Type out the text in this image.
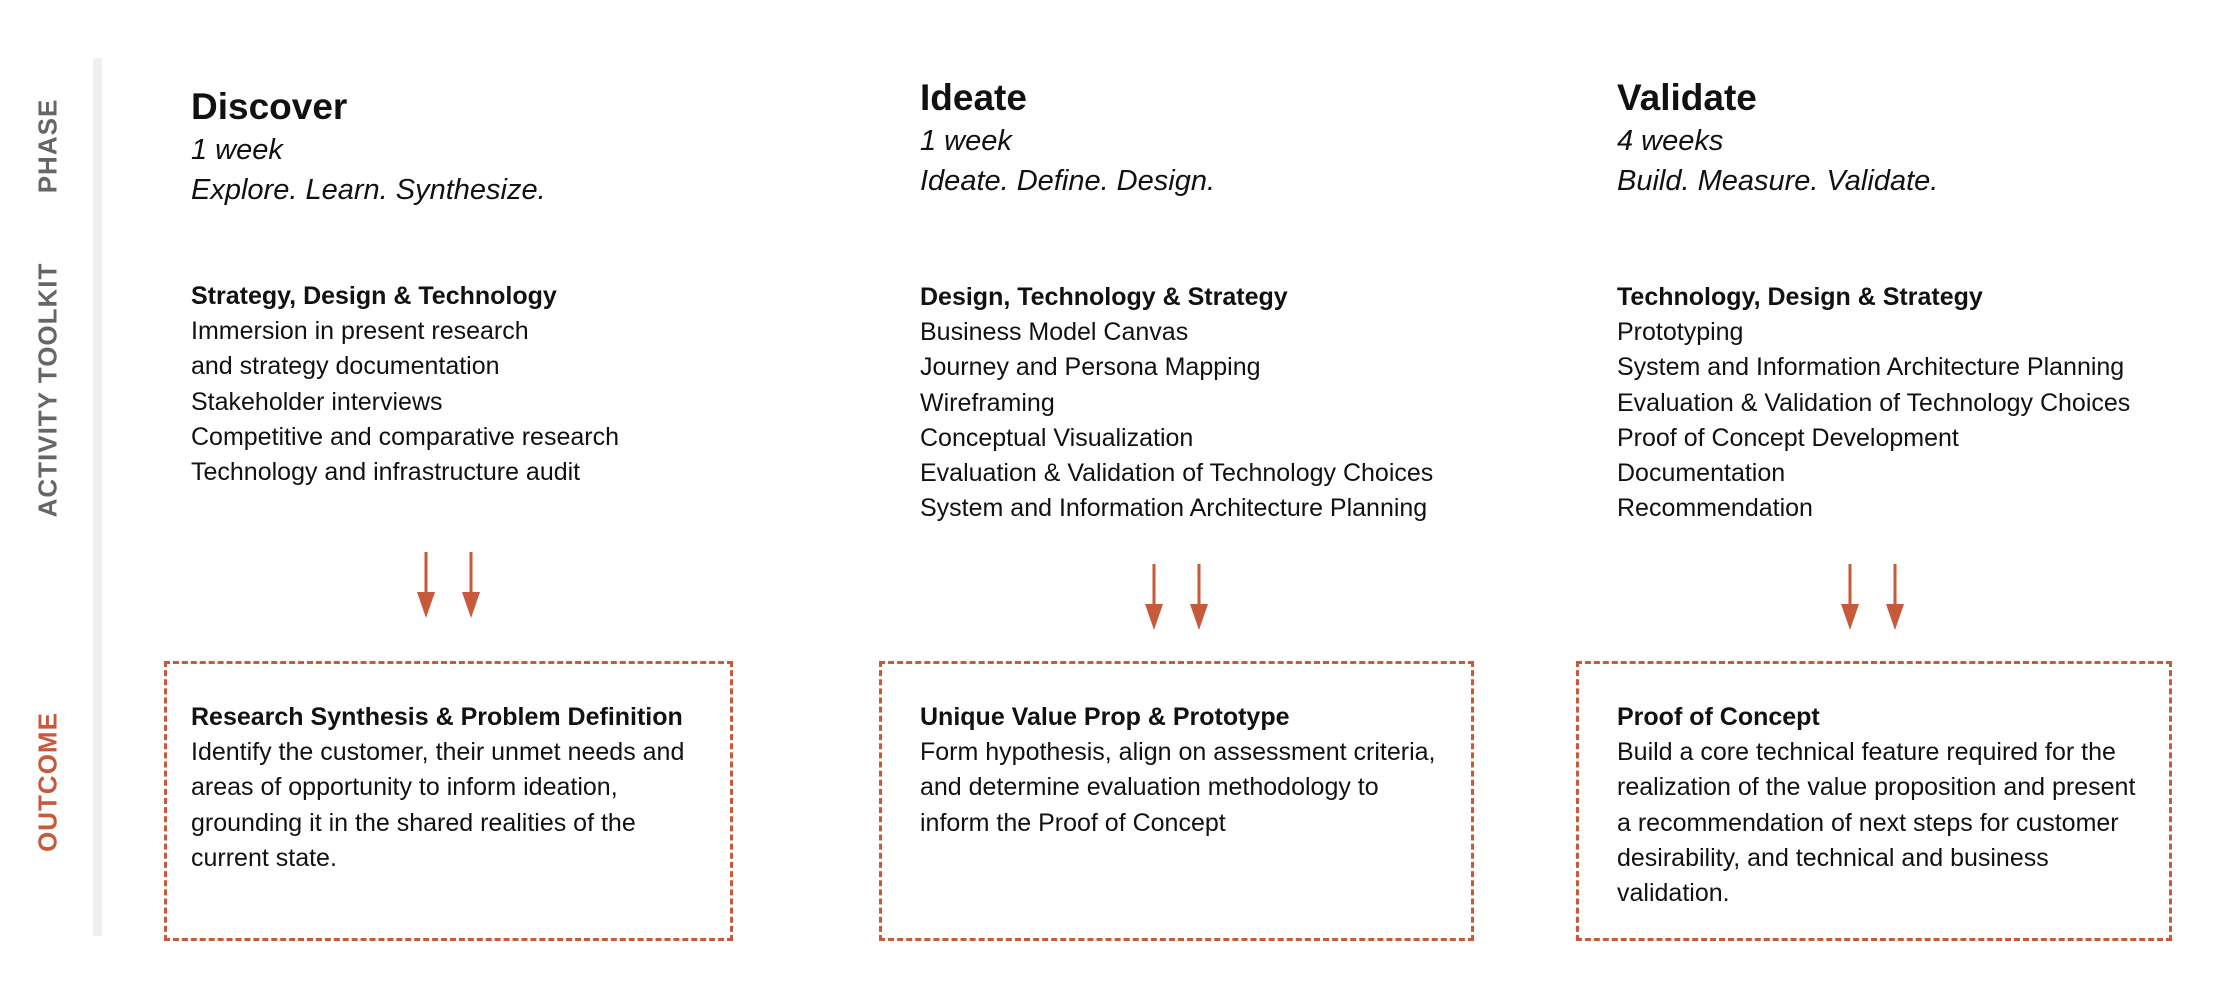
PHASE
ACTIVITY TOOLKIT
OUTCOME
Discover
1 week
Explore. Learn. Synthesize.
Strategy, Design & Technology
Immersion in present research
and strategy documentation
Stakeholder interviews
Competitive and comparative research
Technology and infrastructure audit
Research Synthesis & Problem Definition
Identify the customer, their unmet needs and areas of opportunity to inform ideation, grounding it in the shared realities of the current state.
Ideate
1 week
Ideate. Define. Design.
Design, Technology & Strategy
Business Model Canvas
Journey and Persona Mapping
Wireframing
Conceptual Visualization
Evaluation & Validation of Technology Choices
System and Information Architecture Planning
Unique Value Prop & Prototype
Form hypothesis, align on assessment criteria, and determine evaluation methodology to inform the Proof of Concept
Validate
4 weeks
Build. Measure. Validate.
Technology, Design & Strategy
Prototyping
System and Information Architecture Planning
Evaluation & Validation of Technology Choices
Proof of Concept Development
Documentation
Recommendation
Proof of Concept
Build a core technical feature required for the realization of the value proposition and present a recommendation of next steps for customer desirability, and technical and business validation.
